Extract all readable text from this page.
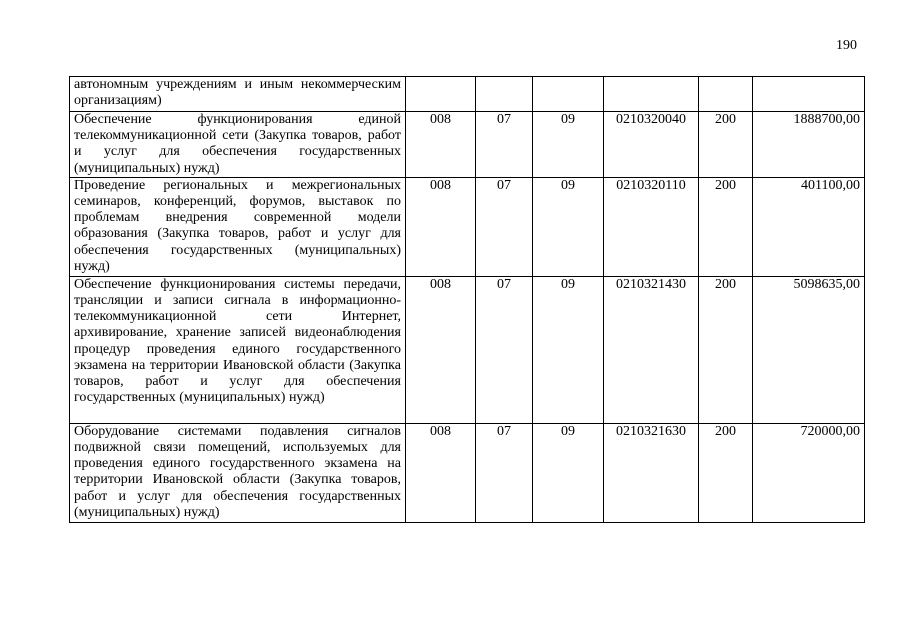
190
автономным учреждениям и иным некоммерческим организациям)						
Обеспечение функционирования единой телекоммуникационной сети (Закупка товаров, работ и услуг для обеспечения государственных (муниципальных) нужд)	008	07	09	0210320040	200	1888700,00
Проведение региональных и межрегиональных семинаров, конференций, форумов, выставок по проблемам внедрения современной модели образования (Закупка товаров, работ и услуг для обеспечения государственных (муниципальных) нужд)	008	07	09	0210320110	200	401100,00
Обеспечение функционирования системы передачи, трансляции и записи сигнала в информационно-телекоммуникационной сети Интернет, архивирование, хранение записей видеонаблюдения процедур проведения единого государственного экзамена на территории Ивановской области (Закупка товаров, работ и услуг для обеспечения государственных (муниципальных) нужд)	008	07	09	0210321430	200	5098635,00
Оборудование системами подавления сигналов подвижной связи помещений, используемых для проведения единого государственного экзамена на территории Ивановской области (Закупка товаров, работ и услуг для обеспечения государственных (муниципальных) нужд)	008	07	09	0210321630	200	720000,00
